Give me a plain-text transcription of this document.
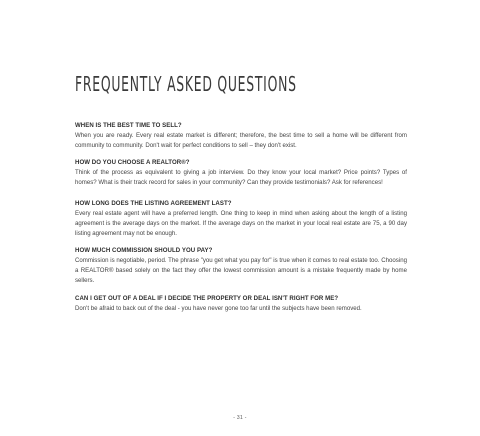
FREQUENTLY ASKED QUESTIONS

WHEN IS THE BEST TIME TO SELL?

When you are ready. Every real estate market is different; therefore, the best time to sell a home will be different from community to community. Don't wait for perfect conditions to sell – they don't exist.

HOW DO YOU CHOOSE A REALTOR®?

Think of the process as equivalent to giving a job interview. Do they know your local market? Price points? Types of homes? What is their track record for sales in your community? Can they provide testimonials? Ask for references!

HOW LONG DOES THE LISTING AGREEMENT LAST?

Every real estate agent will have a preferred length. One thing to keep in mind when asking about the length of a listing agreement is the average days on the market. If the average days on the market in your local real estate are 75, a 90 day listing agreement may not be enough.

HOW MUCH COMMISSION SHOULD YOU PAY?

Commission is negotiable, period. The phrase "you get what you pay for" is true when it comes to real estate too. Choosing a REALTOR® based solely on the fact they offer the lowest commission amount is a mistake frequently made by home sellers.

CAN I GET OUT OF A DEAL IF I DECIDE THE PROPERTY OR DEAL ISN'T RIGHT FOR ME?

Don't be afraid to back out of the deal - you have never gone too far until the subjects have been removed.

- 31 -
